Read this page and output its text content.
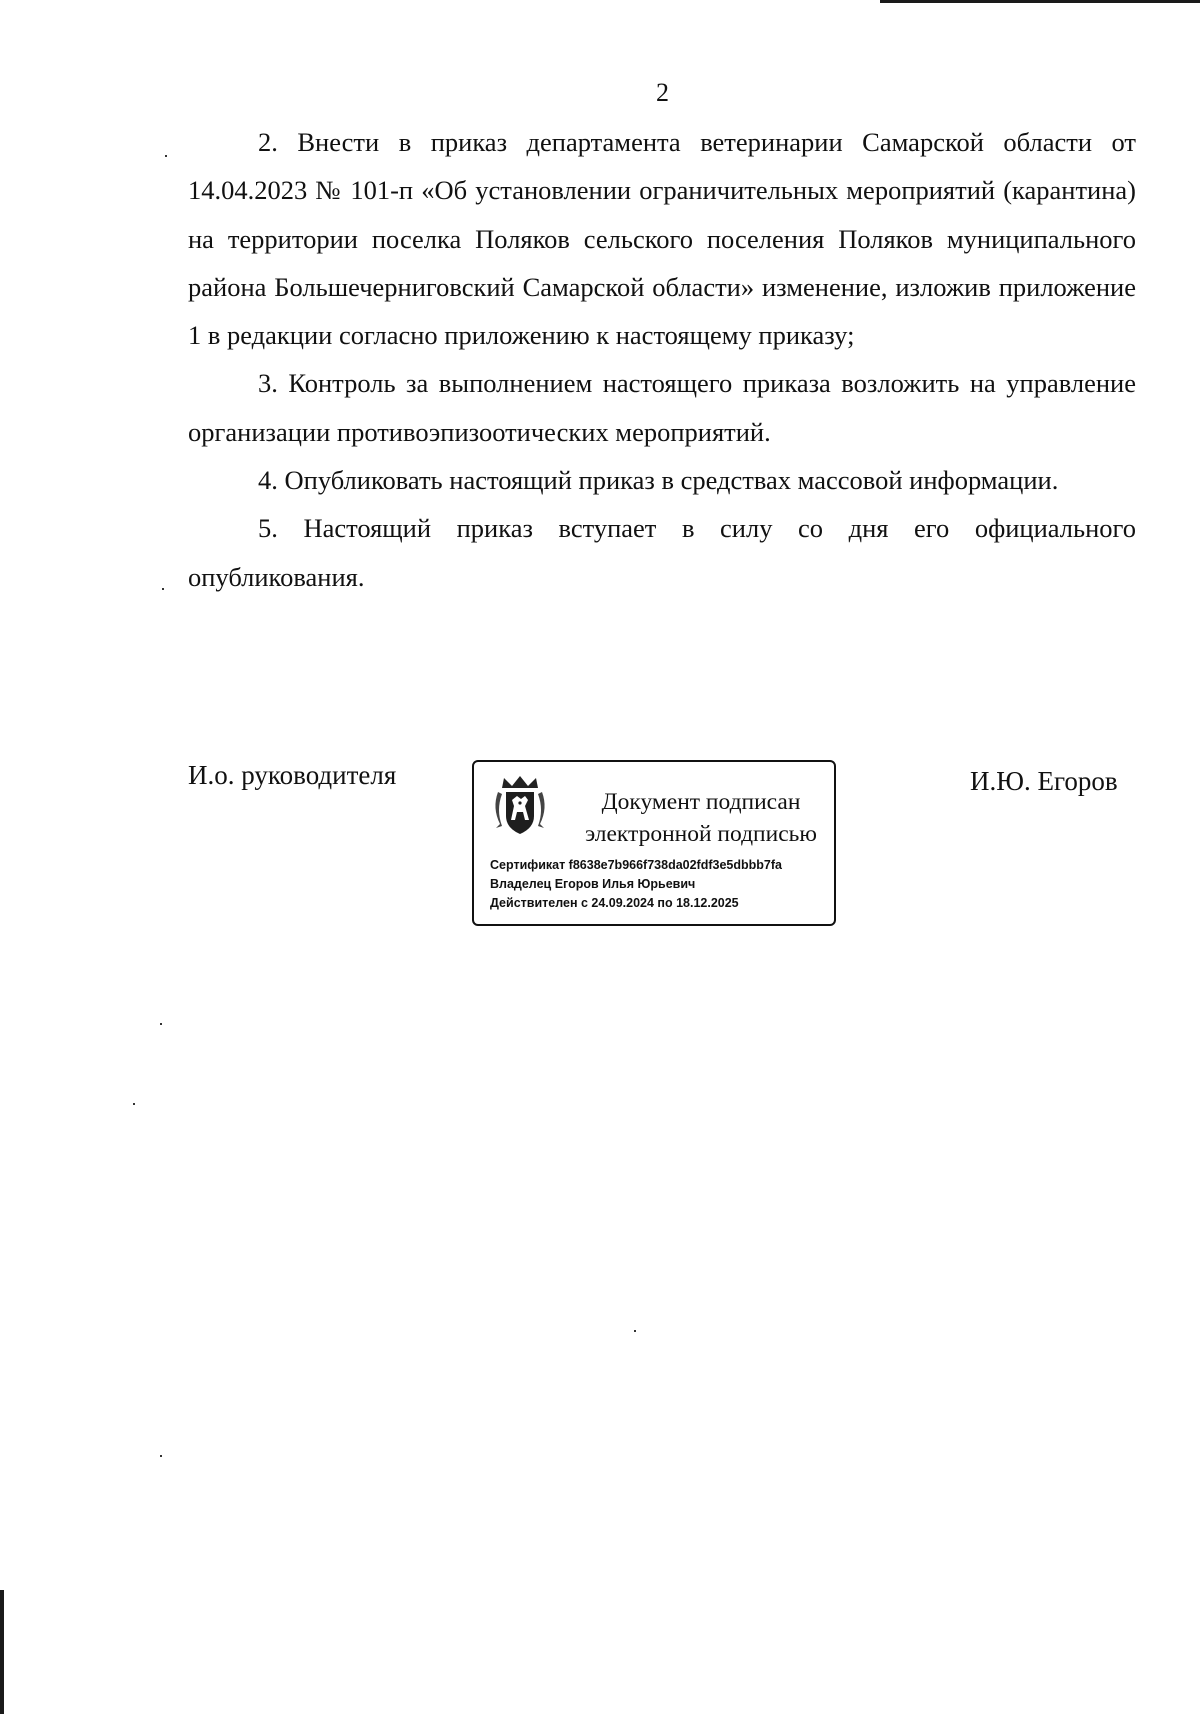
2

2. Внести в приказ департамента ветеринарии Самарской области от 14.04.2023 № 101-п «Об установлении ограничительных мероприятий (карантина) на территории поселка Поляков сельского поселения Поляков муниципального района Большечерниговский Самарской области» изменение, изложив приложение 1 в редакции согласно приложению к настоящему приказу;

3. Контроль за выполнением настоящего приказа возложить на управление организации противоэпизоотических мероприятий.

4. Опубликовать настоящий приказ в средствах массовой информации.

5. Настоящий приказ вступает в силу со дня его официального опубликования.

И.о. руководителя
Документ подписан
электронной подписью
Сертификат f8638e7b966f738da02fdf3e5dbbb7fa
Владелец Егоров Илья Юрьевич
Действителен с 24.09.2024 по 18.12.2025
И.Ю. Егоров
